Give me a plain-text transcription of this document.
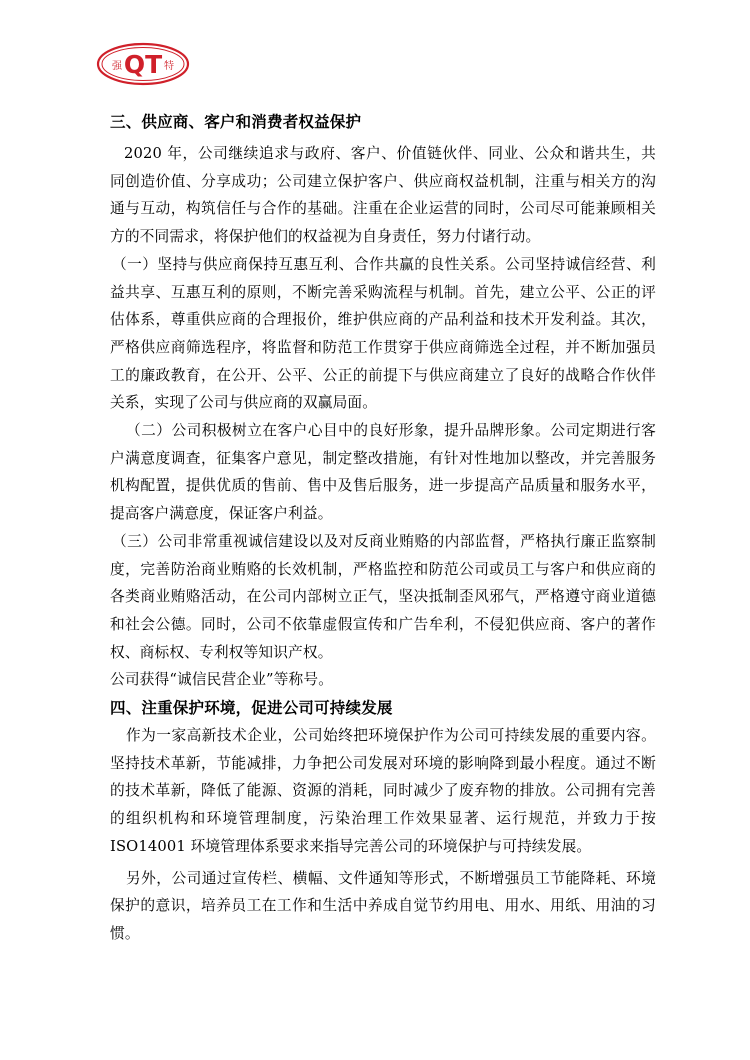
强 QT 特
三、供应商、客户和消费者权益保护

2020 年，公司继续追求与政府、客户、价值链伙伴、同业、公众和谐共生，共同创造价值、分享成功；公司建立保护客户、供应商权益机制，注重与相关方的沟通与互动，构筑信任与合作的基础。注重在企业运营的同时，公司尽可能兼顾相关方的不同需求，将保护他们的权益视为自身责任，努力付诸行动。

（一）坚持与供应商保持互惠互利、合作共赢的良性关系。公司坚持诚信经营、利益共享、互惠互利的原则，不断完善采购流程与机制。首先，建立公平、公正的评估体系，尊重供应商的合理报价，维护供应商的产品利益和技术开发利益。其次，严格供应商筛选程序，将监督和防范工作贯穿于供应商筛选全过程，并不断加强员工的廉政教育，在公开、公平、公正的前提下与供应商建立了良好的战略合作伙伴关系，实现了公司与供应商的双赢局面。

（二）公司积极树立在客户心目中的良好形象，提升品牌形象。公司定期进行客户满意度调查，征集客户意见，制定整改措施，有针对性地加以整改，并完善服务机构配置，提供优质的售前、售中及售后服务，进一步提高产品质量和服务水平，提高客户满意度，保证客户利益。

（三）公司非常重视诚信建设以及对反商业贿赂的内部监督，严格执行廉正监察制度，完善防治商业贿赂的长效机制，严格监控和防范公司或员工与客户和供应商的各类商业贿赂活动，在公司内部树立正气，坚决抵制歪风邪气，严格遵守商业道德和社会公德。同时，公司不依靠虚假宣传和广告牟利，不侵犯供应商、客户的著作权、商标权、专利权等知识产权。

公司获得“诚信民营企业”等称号。

四、注重保护环境，促进公司可持续发展

作为一家高新技术企业，公司始终把环境保护作为公司可持续发展的重要内容。坚持技术革新，节能减排，力争把公司发展对环境的影响降到最小程度。通过不断的技术革新，降低了能源、资源的消耗，同时减少了废弃物的排放。公司拥有完善的组织机构和环境管理制度，污染治理工作效果显著、运行规范，并致力于按 ISO14001 环境管理体系要求来指导完善公司的环境保护与可持续发展。

另外，公司通过宣传栏、横幅、文件通知等形式，不断增强员工节能降耗、环境保护的意识，培养员工在工作和生活中养成自觉节约用电、用水、用纸、用油的习惯。
